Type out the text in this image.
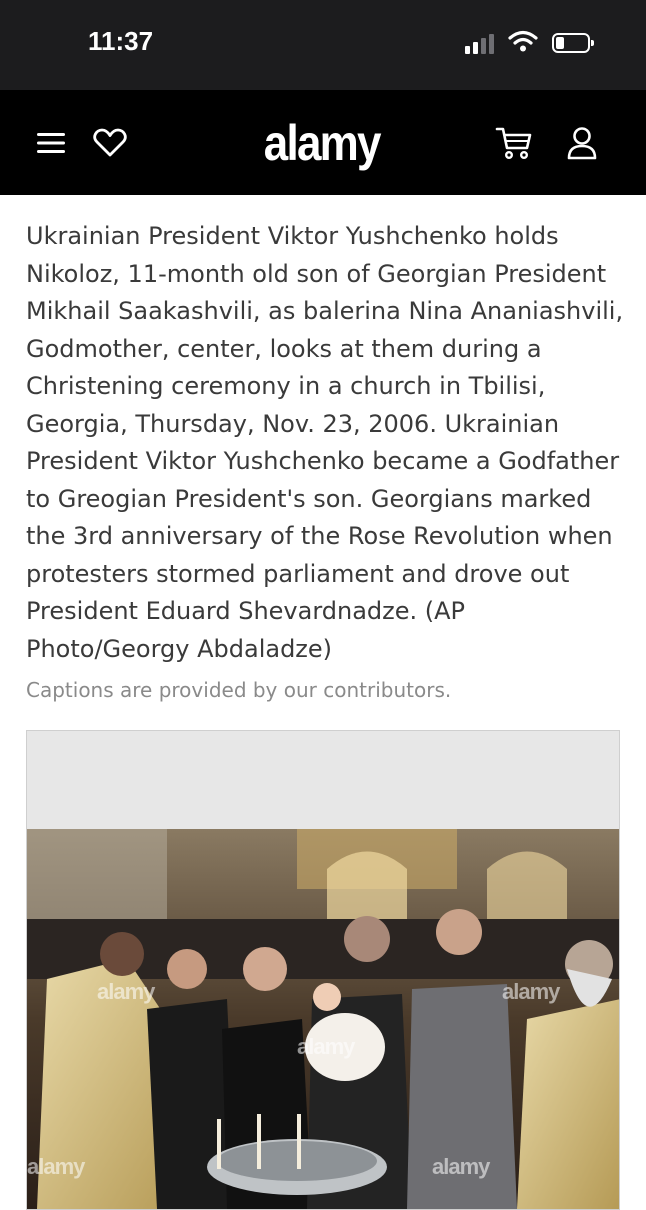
11:37
alamy

Ukrainian President Viktor Yushchenko holds Nikoloz, 11-month old son of Georgian President Mikhail Saakashvili, as balerina Nina Ananiashvili, Godmother, center, looks at them during a Christening ceremony in a church in Tbilisi, Georgia, Thursday, Nov. 23, 2006. Ukrainian President Viktor Yushchenko became a Godfather to Greogian President's son. Georgians marked the 3rd anniversary of the Rose Revolution when protesters stormed parliament and drove out President Eduard Shevardnadze. (AP Photo/Georgy Abdaladze)

Captions are provided by our contributors.

alamy
alamy
alamy
alamy	alamy
